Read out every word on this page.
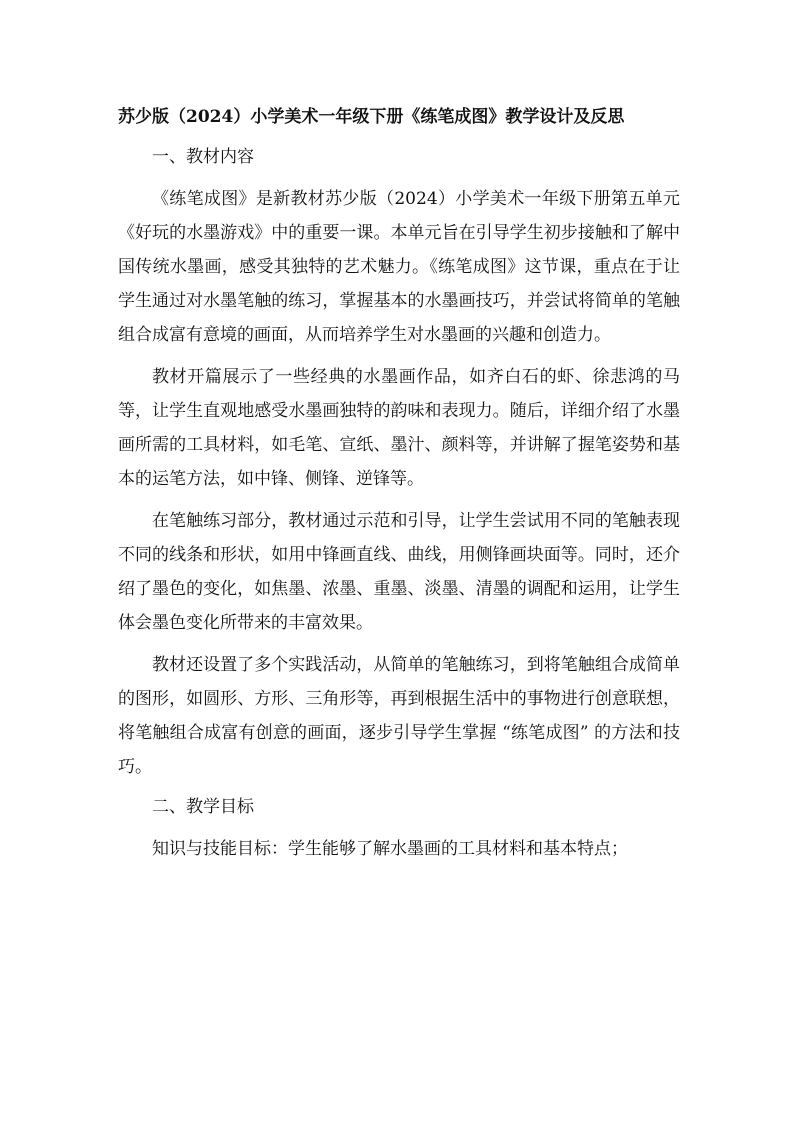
苏少版（2024）小学美术一年级下册《练笔成图》教学设计及反思

一、教材内容

《练笔成图》是新教材苏少版（2024）小学美术一年级下册第五单元《好玩的水墨游戏》中的重要一课。本单元旨在引导学生初步接触和了解中国传统水墨画，感受其独特的艺术魅力。《练笔成图》这节课，重点在于让学生通过对水墨笔触的练习，掌握基本的水墨画技巧，并尝试将简单的笔触组合成富有意境的画面，从而培养学生对水墨画的兴趣和创造力。

教材开篇展示了一些经典的水墨画作品，如齐白石的虾、徐悲鸿的马等，让学生直观地感受水墨画独特的韵味和表现力。随后，详细介绍了水墨画所需的工具材料，如毛笔、宣纸、墨汁、颜料等，并讲解了握笔姿势和基本的运笔方法，如中锋、侧锋、逆锋等。

在笔触练习部分，教材通过示范和引导，让学生尝试用不同的笔触表现不同的线条和形状，如用中锋画直线、曲线，用侧锋画块面等。同时，还介绍了墨色的变化，如焦墨、浓墨、重墨、淡墨、清墨的调配和运用，让学生体会墨色变化所带来的丰富效果。

教材还设置了多个实践活动，从简单的笔触练习，到将笔触组合成简单的图形，如圆形、方形、三角形等，再到根据生活中的事物进行创意联想，将笔触组合成富有创意的画面，逐步引导学生掌握 “练笔成图” 的方法和技巧。

二、教学目标

知识与技能目标：学生能够了解水墨画的工具材料和基本特点；
